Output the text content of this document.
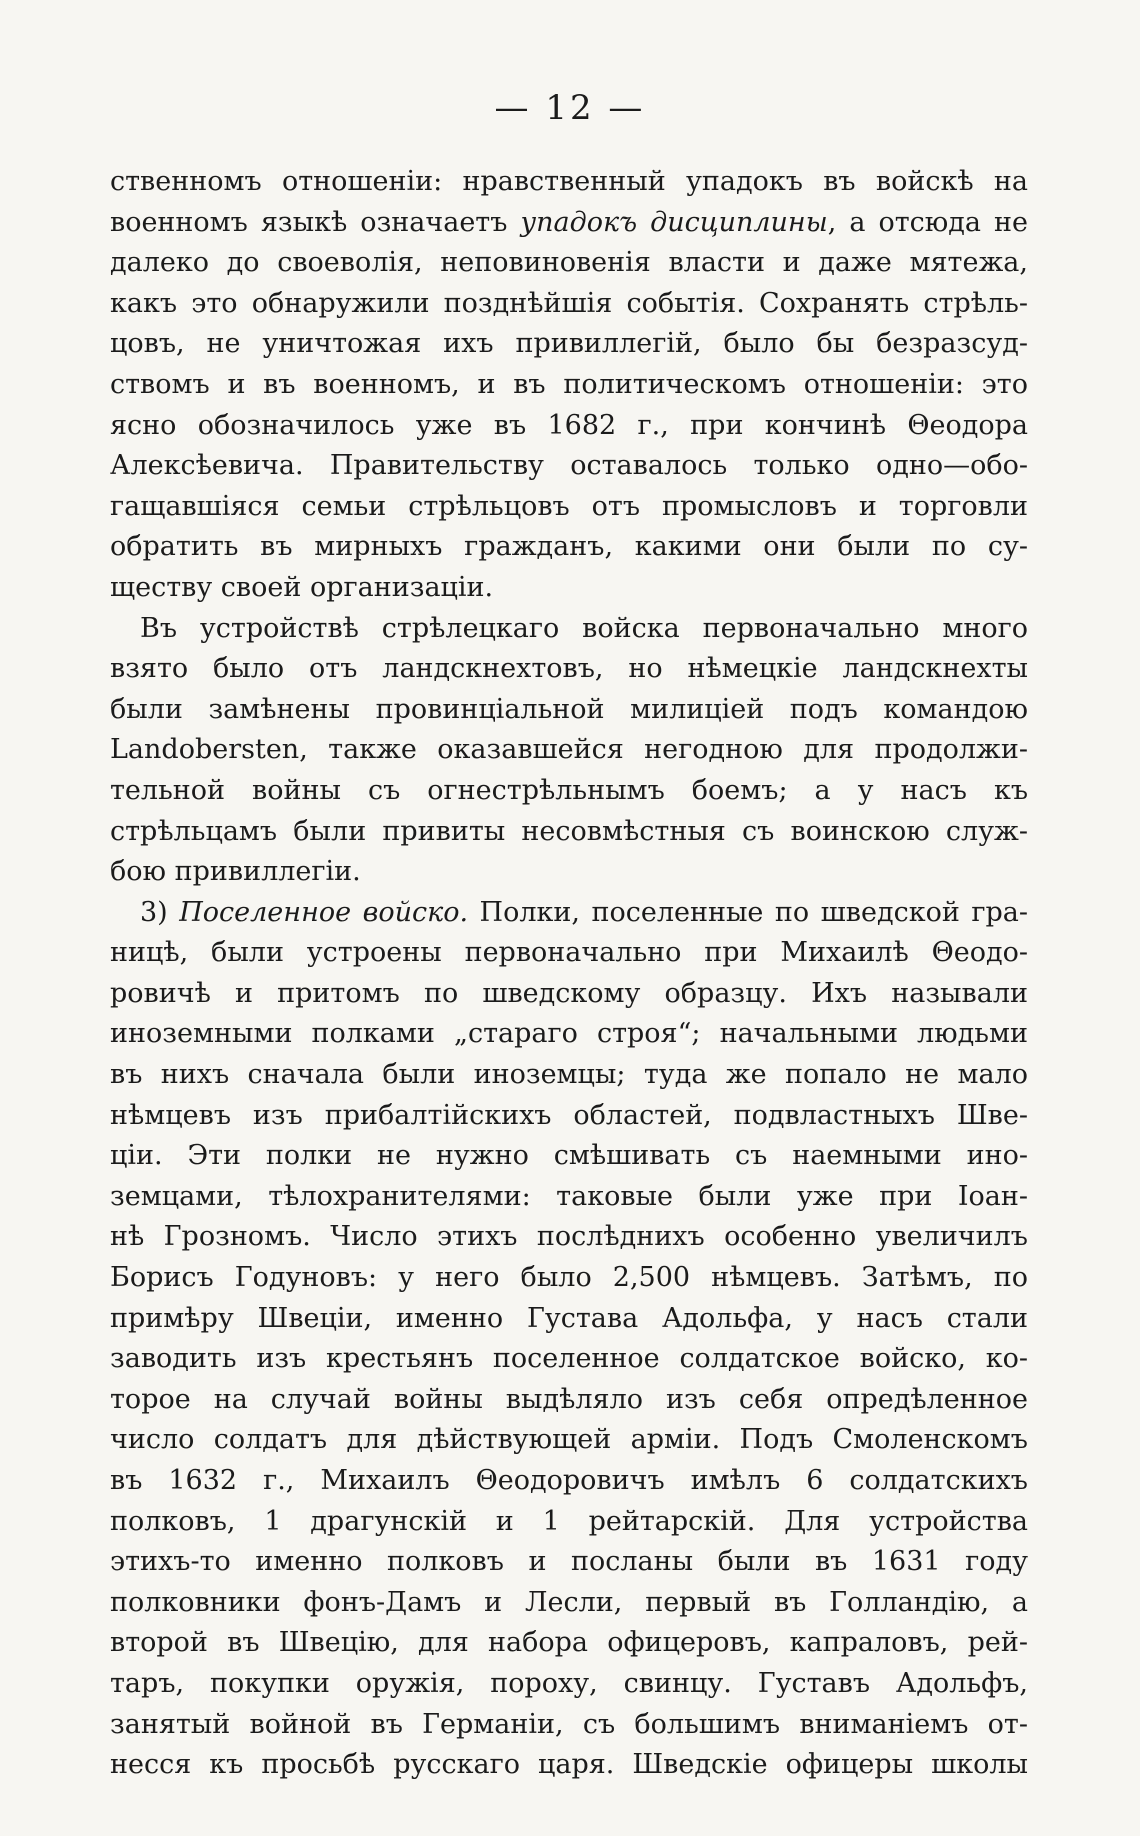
— 12 —
ственномъ отношеніи: нравственный упадокъ въ войскѣ на
военномъ языкѣ означаетъ упадокъ дисциплины, а отсюда не
далеко до своеволія, неповиновенія власти и даже мятежа,
какъ это обнаружили позднѣйшія событія. Сохранять стрѣль-
цовъ, не уничтожая ихъ привиллегій, было бы безразсуд-
ствомъ и въ военномъ, и въ политическомъ отношеніи: это
ясно обозначилось уже въ 1682 г., при кончинѣ Θеодора
Алексѣевича. Правительству оставалось только одно—обо-
гащавшіяся семьи стрѣльцовъ отъ промысловъ и торговли
обратить въ мирныхъ гражданъ, какими они были по су-
ществу своей организаціи.
Въ устройствѣ стрѣлецкаго войска первоначально много
взято было отъ ландскнехтовъ, но нѣмецкіе ландскнехты
были замѣнены провинціальной милиціей подъ командою
Landobersten, также оказавшейся негодною для продолжи-
тельной войны съ огнестрѣльнымъ боемъ; а у насъ къ
стрѣльцамъ были привиты несовмѣстныя съ воинскою служ-
бою привиллегіи.
3) Поселенное войско. Полки, поселенные по шведской гра-
ницѣ, были устроены первоначально при Михаилѣ Θеодо-
ровичѣ и притомъ по шведскому образцу. Ихъ называли
иноземными полками „стараго строя“; начальными людьми
въ нихъ сначала были иноземцы; туда же попало не мало
нѣмцевъ изъ прибалтійскихъ областей, подвластныхъ Шве-
ціи. Эти полки не нужно смѣшивать съ наемными ино-
земцами, тѣлохранителями: таковые были уже при Іоан-
нѣ Грозномъ. Число этихъ послѣднихъ особенно увеличилъ
Борисъ Годуновъ: у него было 2,500 нѣмцевъ. Затѣмъ, по
примѣру Швеціи, именно Густава Адольфа, у насъ стали
заводить изъ крестьянъ поселенное солдатское войско, ко-
торое на случай войны выдѣляло изъ себя опредѣленное
число солдатъ для дѣйствующей арміи. Подъ Смоленскомъ
въ 1632 г., Михаилъ Θеодоровичъ имѣлъ 6 солдатскихъ
полковъ, 1 драгунскій и 1 рейтарскій. Для устройства
этихъ-то именно полковъ и посланы были въ 1631 году
полковники фонъ-Дамъ и Лесли, первый въ Голландію, а
второй въ Швецію, для набора офицеровъ, капраловъ, рей-
таръ, покупки оружія, пороху, свинцу. Густавъ Адольфъ,
занятый войной въ Германіи, съ большимъ вниманіемъ от-
несся къ просьбѣ русскаго царя. Шведскіе офицеры школы
